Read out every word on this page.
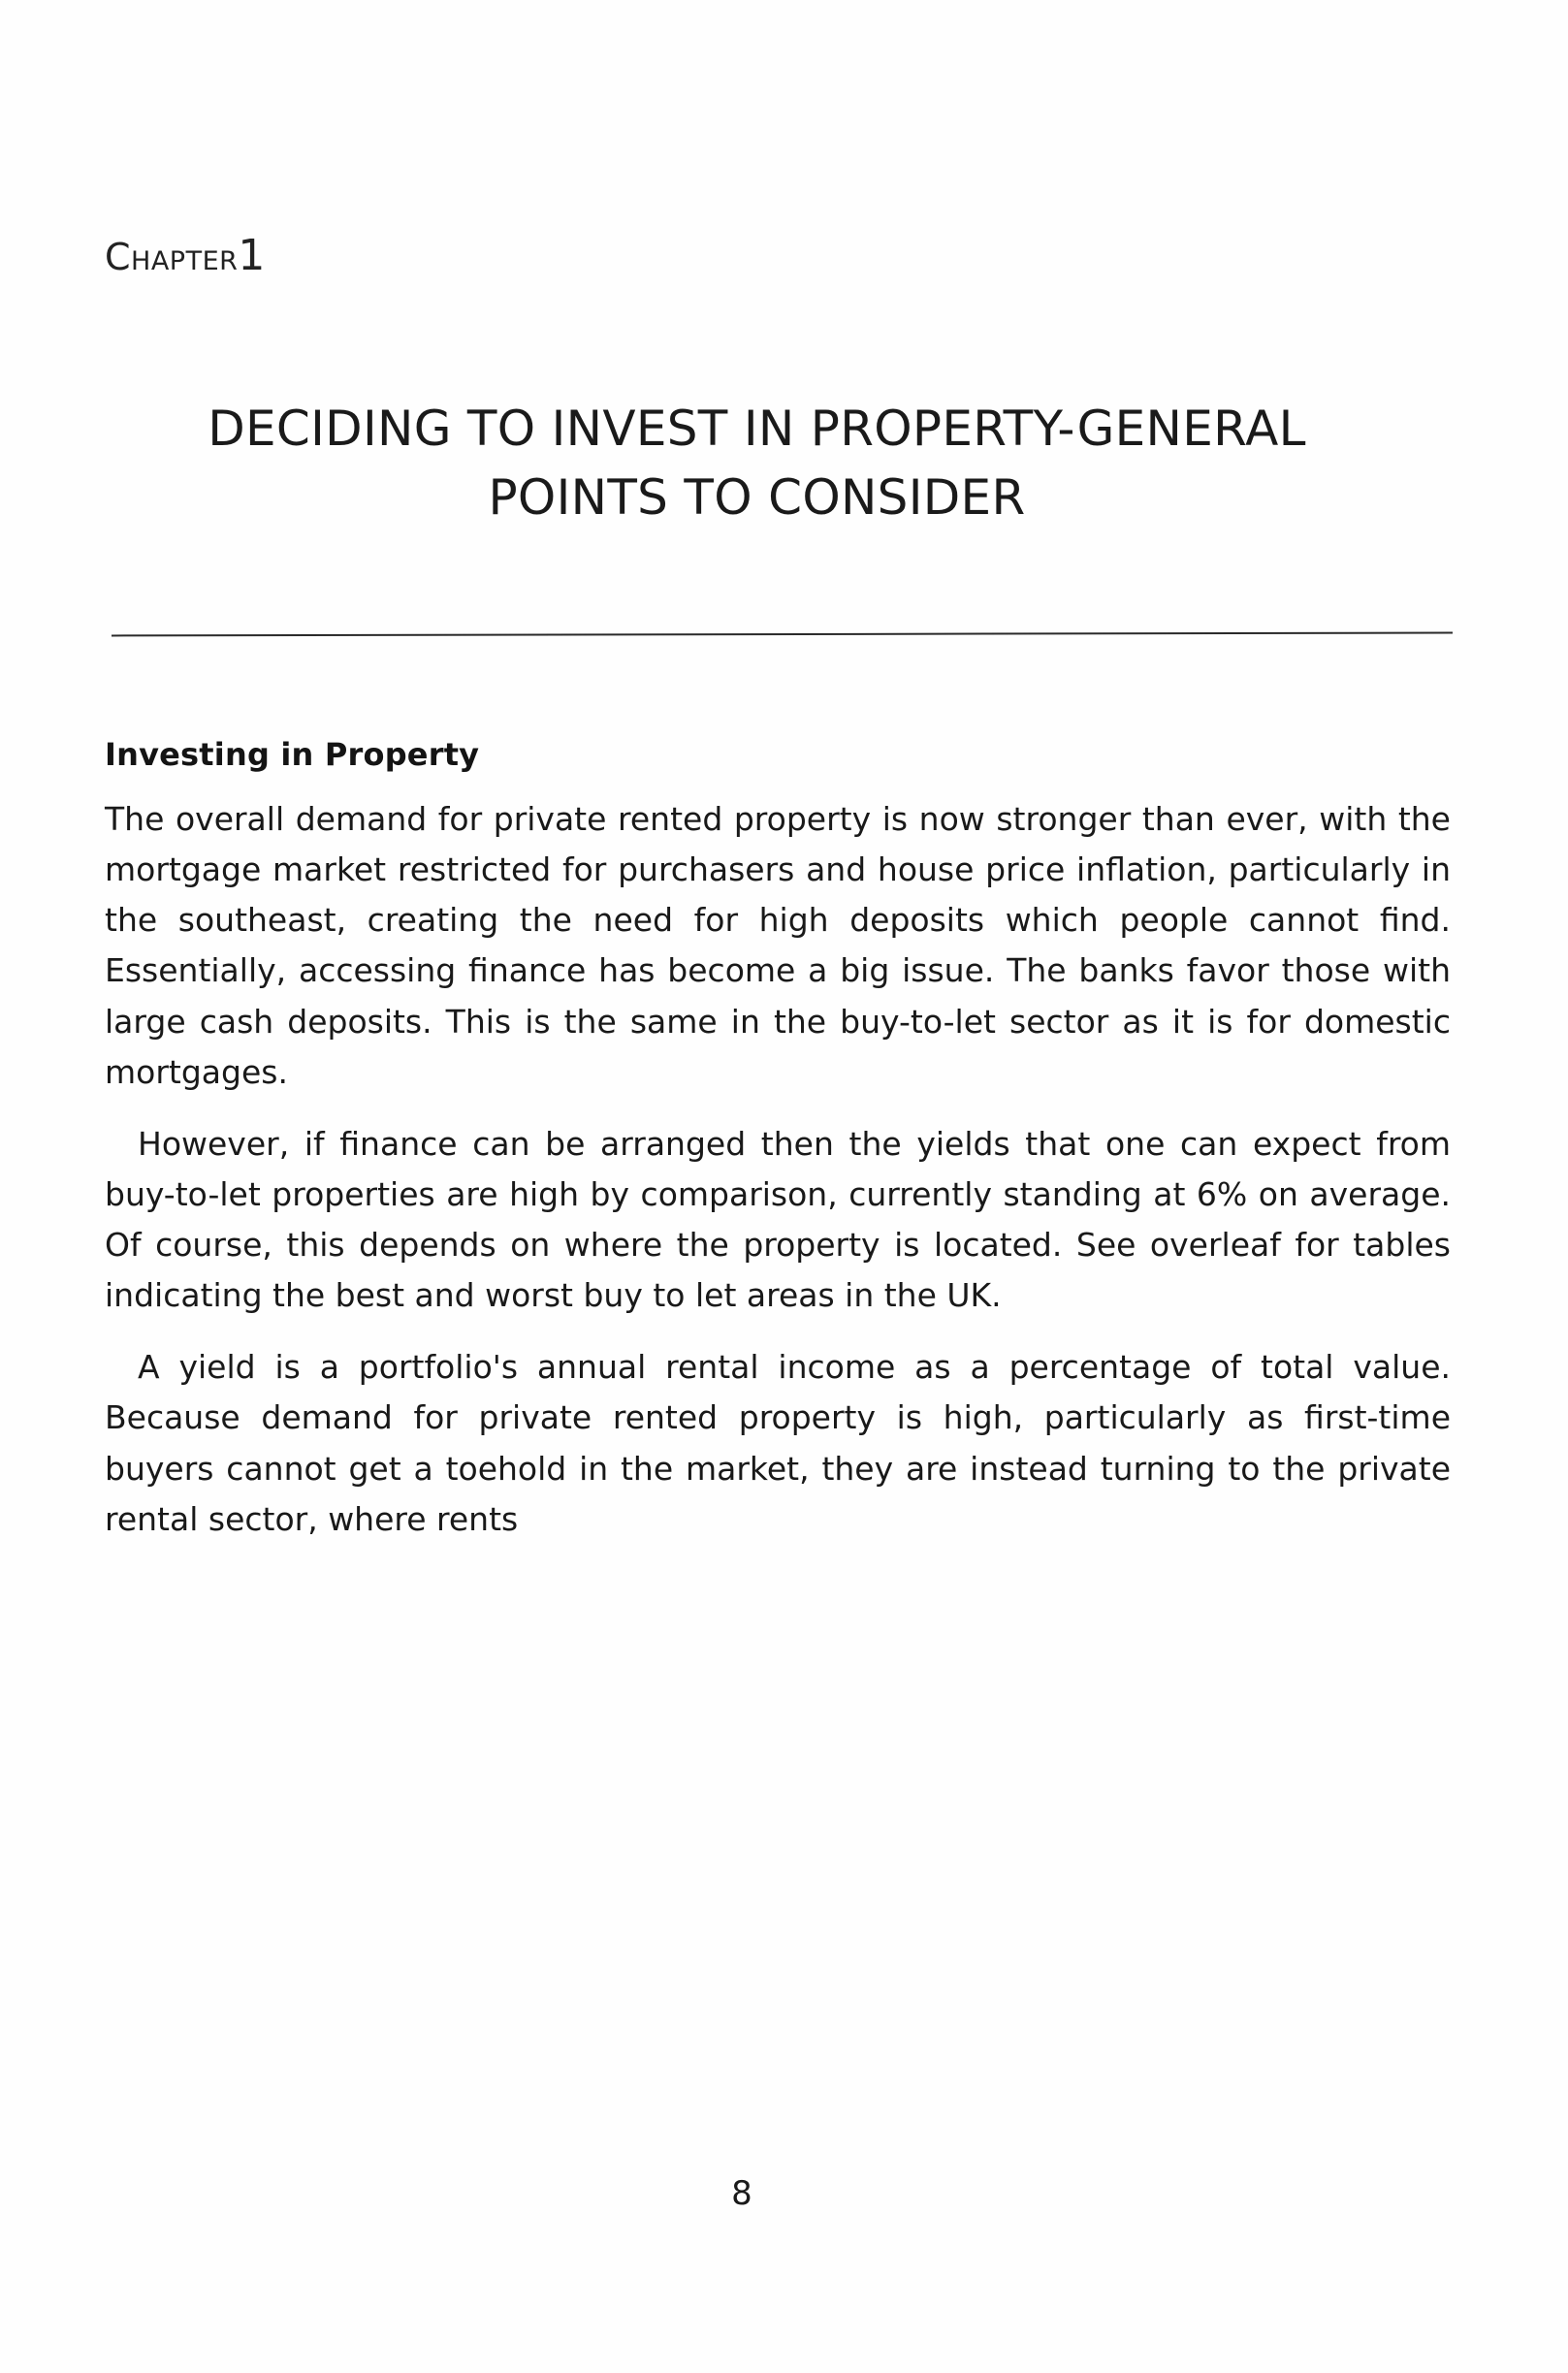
Chapter1
DECIDING TO INVEST IN PROPERTY-GENERAL
POINTS TO CONSIDER
Investing in Property

The overall demand for private rented property is now stronger than ever, with the mortgage market restricted for purchasers and house price inflation, particularly in the southeast, creating the need for high deposits which people cannot find. Essentially, accessing finance has become a big issue. The banks favor those with large cash deposits. This is the same in the buy-to-let sector as it is for domestic mortgages.

However, if finance can be arranged then the yields that one can expect from buy-to-let properties are high by comparison, currently standing at 6% on average. Of course, this depends on where the property is located. See overleaf for tables indicating the best and worst buy to let areas in the UK.

A yield is a portfolio's annual rental income as a percentage of total value. Because demand for private rented property is high, particularly as first-time buyers cannot get a toehold in the market, they are instead turning to the private rental sector, where rents

8
